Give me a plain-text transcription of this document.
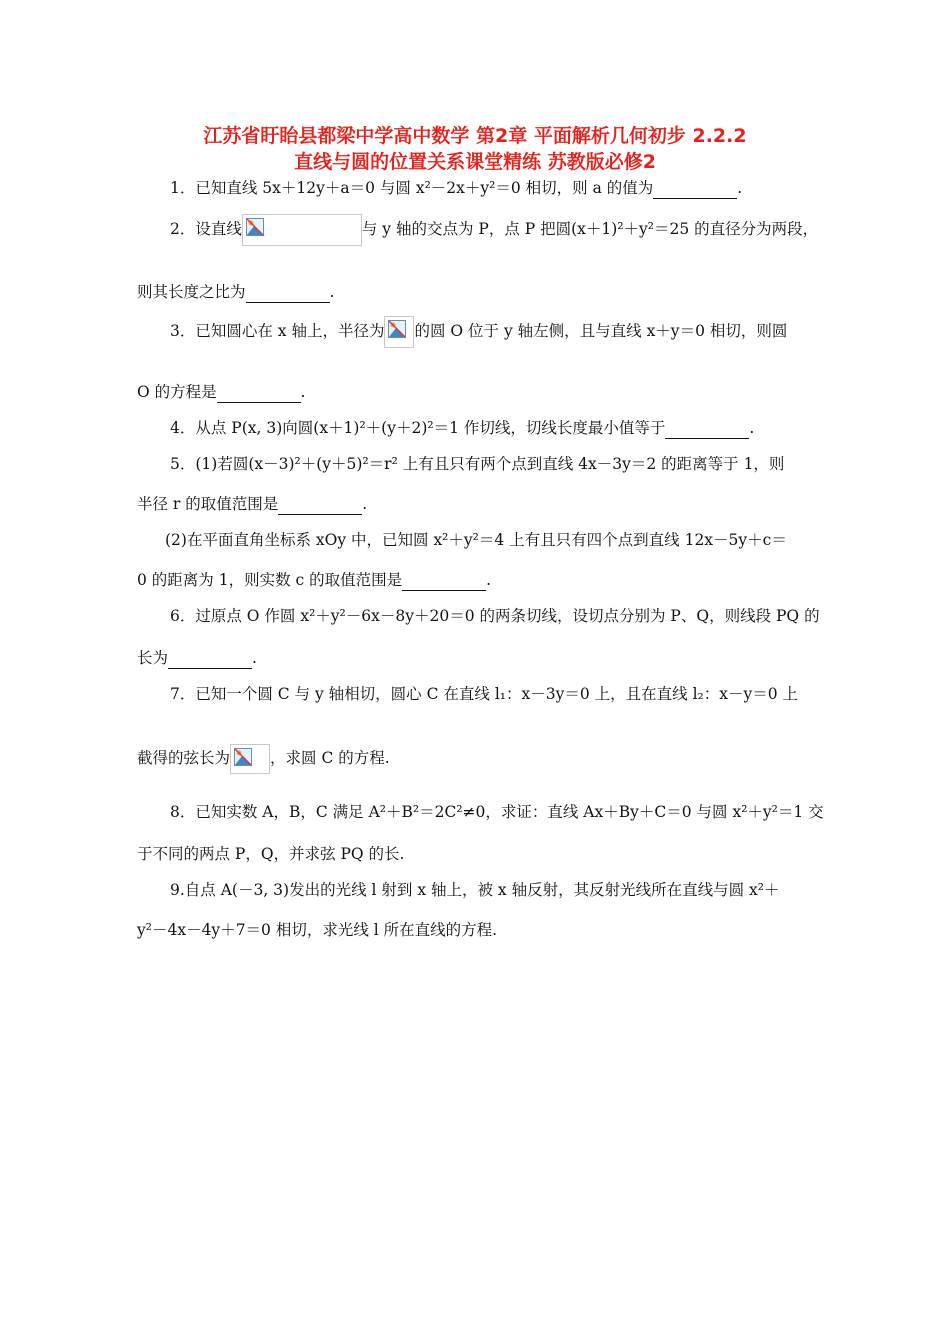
江苏省盱眙县都梁中学高中数学 第2章 平面解析几何初步 2.2.2
直线与圆的位置关系课堂精练 苏教版必修2
1．已知直线 5x＋12y＋a＝0 与圆 x²－2x＋y²＝0 相切，则 a 的值为	.
2．设直线	与 y 轴的交点为 P，点 P 把圆(x＋1)²＋y²＝25 的直径分为两段，
则其长度之比为	.
3．已知圆心在 x 轴上，半径为 的圆 O 位于 y 轴左侧，且与直线 x＋y＝0 相切，则圆
O 的方程是	.
4．从点 P(x, 3)向圆(x＋1)²＋(y＋2)²＝1 作切线，切线长度最小值等于	.
5．(1)若圆(x－3)²＋(y＋5)²＝r² 上有且只有两个点到直线 4x－3y＝2 的距离等于 1，则
半径 r 的取值范围是	.
(2)在平面直角坐标系 xOy 中，已知圆 x²＋y²＝4 上有且只有四个点到直线 12x－5y＋c＝
0 的距离为 1，则实数 c 的取值范围是	.
6．过原点 O 作圆 x²＋y²－6x－8y＋20＝0 的两条切线，设切点分别为 P、Q，则线段 PQ 的
长为	.
7．已知一个圆 C 与 y 轴相切，圆心 C 在直线 l₁：x－3y＝0 上，且在直线 l₂：x－y＝0 上
截得的弦长为	，求圆 C 的方程.
8．已知实数 A，B，C 满足 A²＋B²＝2C²≠0，求证：直线 Ax＋By＋C＝0 与圆 x²＋y²＝1 交
于不同的两点 P，Q，并求弦 PQ 的长.
9.自点 A(－3, 3)发出的光线 l 射到 x 轴上，被 x 轴反射，其反射光线所在直线与圆 x²＋
y²－4x－4y＋7＝0 相切，求光线 l 所在直线的方程.
